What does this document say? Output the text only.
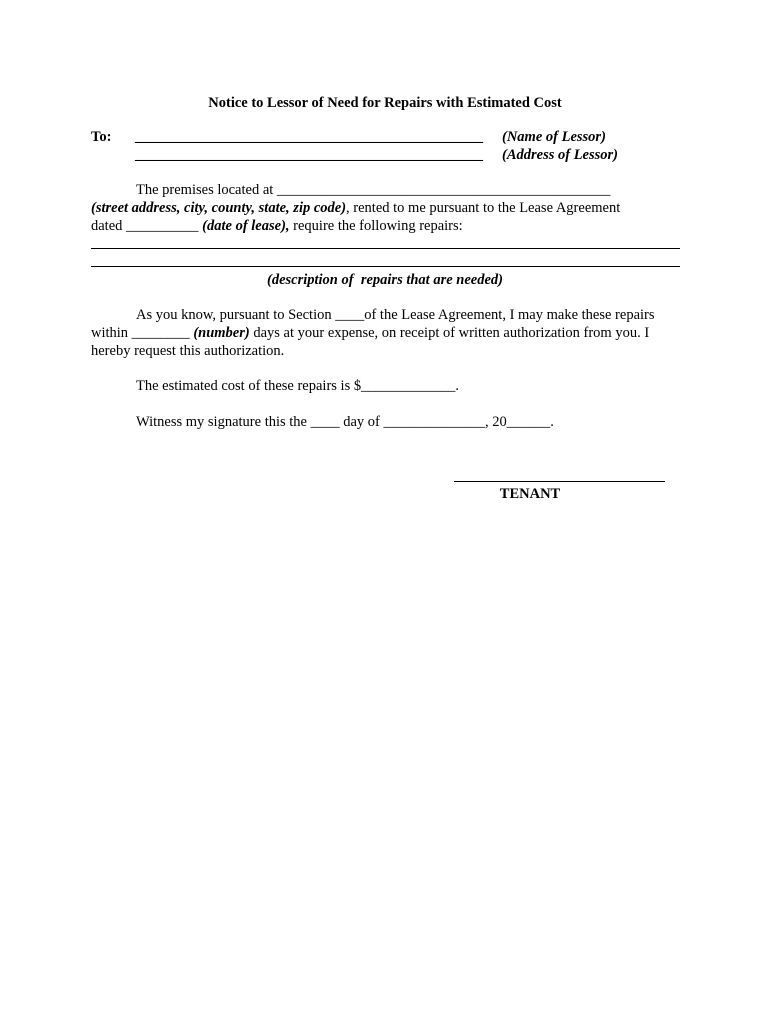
Notice to Lessor of Need for Repairs with Estimated Cost
To: ________________________________________________ (Name of Lessor)
________________________________________________ (Address of Lessor)
The premises located at ______________________________________________
(street address, city, county, state, zip code), rented to me pursuant to the Lease Agreement
dated __________ (date of lease), require the following repairs:
(description of  repairs that are needed)
As you know, pursuant to Section ____of the Lease Agreement, I may make these repairs
within ________ (number) days at your expense, on receipt of written authorization from you. I
hereby request this authorization.
The estimated cost of these repairs is $_____________.
Witness my signature this the ____ day of ______________, 20______.
TENANT
